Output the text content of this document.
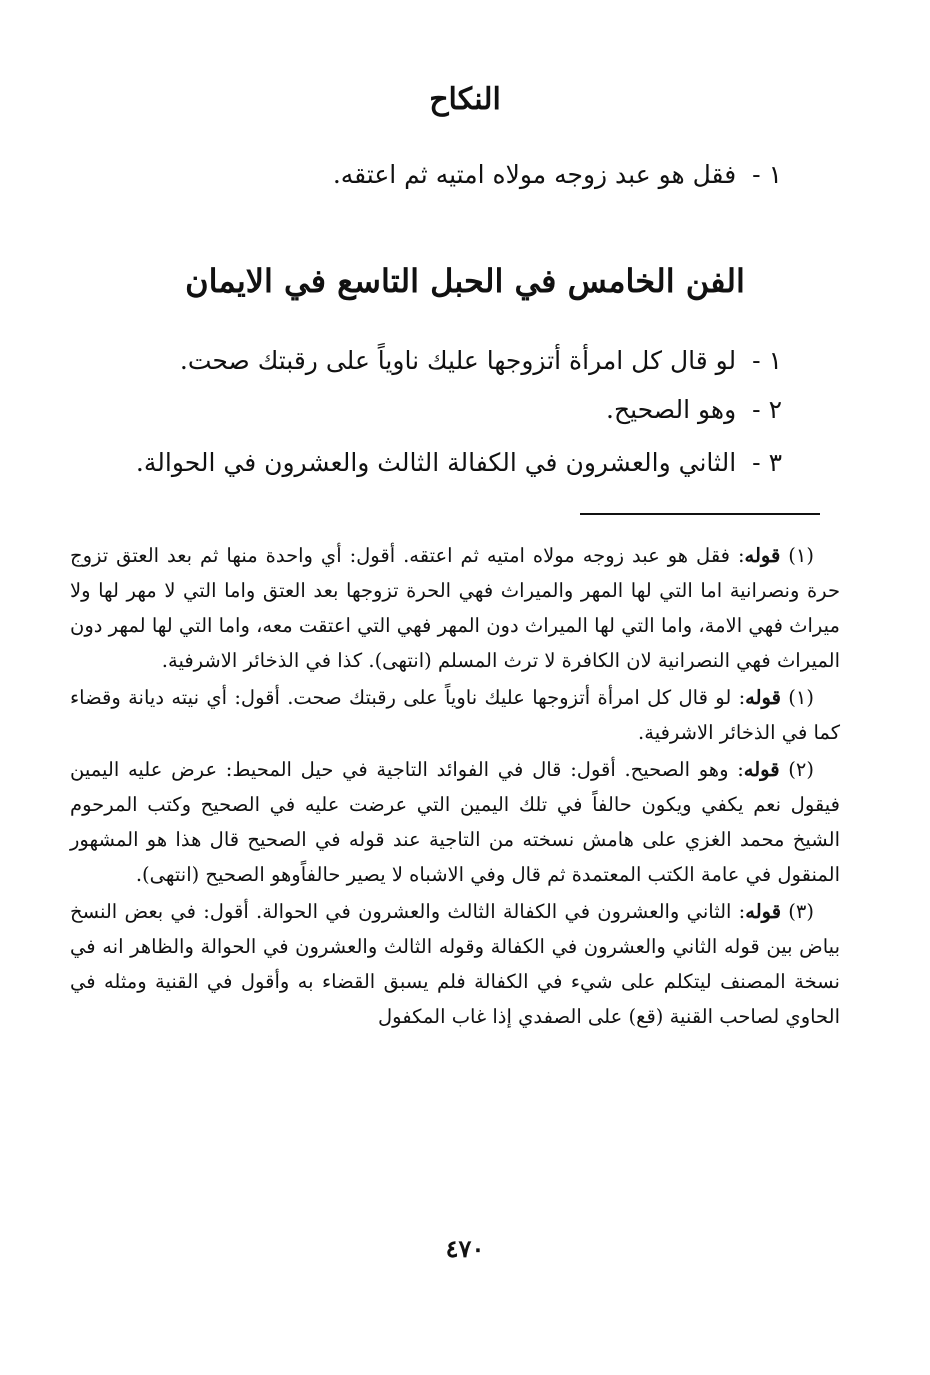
النكاح
١ -فقل هو عبد زوجه مولاه امتيه ثم اعتقه.
الفن الخامس في الحبل التاسع في الايمان
١ -لو قال كل امرأة أتزوجها عليك ناوياً على رقبتك صحت.
٢ -وهو الصحيح.
٣ -الثاني والعشرون في الكفالة الثالث والعشرون في الحوالة.

(١) قوله: فقل هو عبد زوجه مولاه امتيه ثم اعتقه. أقول: أي واحدة منها ثم بعد العتق تزوج حرة ونصرانية اما التي لها المهر والميراث فهي الحرة تزوجها بعد العتق واما التي لا مهر لها ولا ميراث فهي الامة، واما التي لها الميراث دون المهر فهي التي اعتقت معه، واما التي لها لمهر دون الميراث فهي النصرانية لان الكافرة لا ترث المسلم (انتهى). كذا في الذخائر الاشرفية.

(١) قوله: لو قال كل امرأة أتزوجها عليك ناوياً على رقبتك صحت. أقول: أي نيته ديانة وقضاء كما في الذخائر الاشرفية.

(٢) قوله: وهو الصحيح. أقول: قال في الفوائد التاجية في حيل المحيط: عرض عليه اليمين فيقول نعم يكفي ويكون حالفاً في تلك اليمين التي عرضت عليه في الصحيح وكتب المرحوم الشيخ محمد الغزي على هامش نسخته من التاجية عند قوله في الصحيح قال هذا هو المشهور المنقول في عامة الكتب المعتمدة ثم قال وفي الاشباه لا يصير حالفاًوهو الصحيح (انتهى).

(٣) قوله: الثاني والعشرون في الكفالة الثالث والعشرون في الحوالة. أقول: في بعض النسخ بياض بين قوله الثاني والعشرون في الكفالة وقوله الثالث والعشرون في الحوالة والظاهر انه في نسخة المصنف ليتكلم على شيء في الكفالة فلم يسبق القضاء به وأقول في القنية ومثله في الحاوي لصاحب القنية (قع) على الصفدي إذا غاب المكفول

٤٧٠
